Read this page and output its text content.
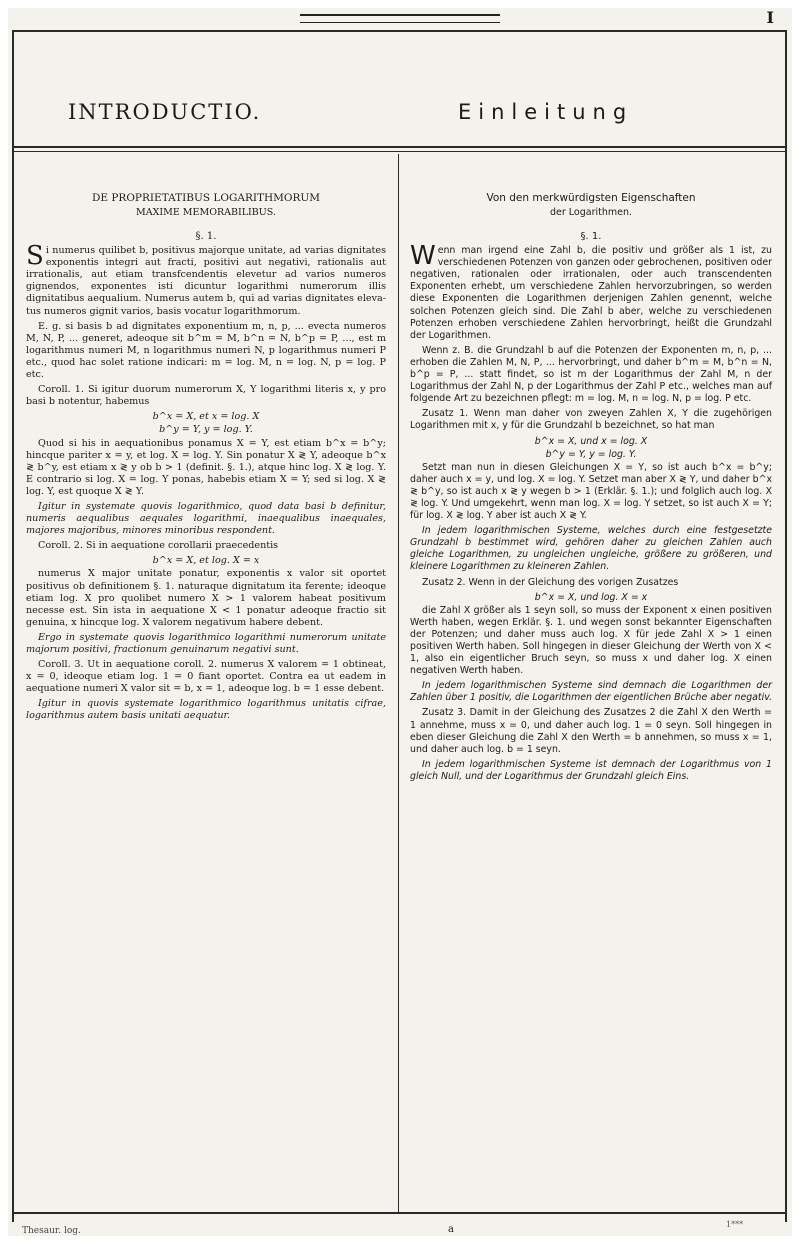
I
INTRODUCTIO.	Einleitung
DE PROPRIETATIBUS LOGARITHMORUM
MAXIME MEMORABILIBUS.
§. 1.

Si numerus quilibet b, positivus majorque unitate, ad varias dignitates exponentis integri aut fracti, positivi aut negativi, rationalis aut irrationalis, aut etiam transfcendentis elevetur ad varios numeros gignendos, exponentes isti dicuntur logarithmi numerorum illis dignitatibus aequalium. Numerus autem b, qui ad varias dignitates elevatus numeros gignit varios, basis vocatur logarithmorum.

E. g. si basis b ad dignitates exponentium m, n, p, ... evecta numeros M, N, P, ... generet, adeoque sit b^m = M, b^n = N, b^p = P, ..., est m logarithmus numeri M, n logarithmus numeri N, p logarithmus numeri P etc., quod hac solet ratione indicari: m = log. M, n = log. N, p = log. P etc.

Coroll. 1. Si igitur duorum numerorum X, Y logarithmi literis x, y pro basi b notentur, habemus

b^x = X, et x = log. X

b^y = Y, y = log. Y.

Quod si his in aequationibus ponamus X = Y, est etiam b^x = b^y; hincque pariter x = y, et log. X = log. Y. Sin ponatur X ≷ Y, adeoque b^x ≷ b^y, est etiam x ≷ y ob b > 1 (definit. §. 1.), atque hinc log. X ≷ log. Y. E contrario si log. X = log. Y ponas, habebis etiam X = Y; sed si log. X ≷ log. Y, est quoque X ≷ Y.

Igitur in systemate quovis logarithmico, quod data basi b definitur, numeris aequalibus aequales logarithmi, inaequalibus inaequales, majores majoribus, minores minoribus respondent.

Coroll. 2. Si in aequatione corollarii praecedentis

b^x = X, et log. X = x

numerus X major unitate ponatur, exponentis x valor sit oportet positivus ob definitionem §. 1. naturaque dignitatum ita ferente; ideoque etiam log. X pro quolibet numero X > 1 valorem habeat positivum necesse est. Sin ista in aequatione X < 1 ponatur adeoque fractio sit genuina, x hincque log. X valorem negativum habere debent.

Ergo in systemate quovis logarithmico logarithmi numerorum unitate majorum positivi, fractionum genuinarum negativi sunt.

Coroll. 3. Ut in aequatione coroll. 2. numerus X valorem = 1 obtineat, x = 0, ideoque etiam log. 1 = 0 fiant oportet. Contra ea ut eadem in aequatione numeri X valor sit = b, x = 1, adeoque log. b = 1 esse debent.

Igitur in quovis systemate logarithmico logarithmus unitatis cifrae, logarithmus autem basis unitati aequatur.

Von den merkwürdigsten Eigenschaften
der Logarithmen.
§. 1.

Wenn man irgend eine Zahl b, die positiv und größer als 1 ist, zu verschiedenen Potenzen von ganzen oder gebrochenen, positiven oder negativen, rationalen oder irrationalen, oder auch transcendenten Exponenten erhebt, um verschiedene Zahlen hervorzubringen, so werden diese Exponenten die Logarithmen derjenigen Zahlen genennt, welche solchen Potenzen gleich sind. Die Zahl b aber, welche zu verschiedenen Potenzen erhoben verschiedene Zahlen hervorbringt, heißt die Grundzahl der Logarithmen.

Wenn z. B. die Grundzahl b auf die Potenzen der Exponenten m, n, p, ... erhoben die Zahlen M, N, P, ... hervorbringt, und daher b^m = M, b^n = N, b^p = P, ... statt findet, so ist m der Logarithmus der Zahl M, n der Logarithmus der Zahl N, p der Logarithmus der Zahl P etc., welches man auf folgende Art zu bezeichnen pflegt: m = log. M, n = log. N, p = log. P etc.

Zusatz 1. Wenn man daher von zweyen Zahlen X, Y die zugehörigen Logarithmen mit x, y für die Grundzahl b bezeichnet, so hat man

b^x = X, und x = log. X

b^y = Y, y = log. Y.

Setzt man nun in diesen Gleichungen X = Y, so ist auch b^x = b^y; daher auch x = y, und log. X = log. Y. Setzet man aber X ≷ Y, und daher b^x ≷ b^y, so ist auch x ≷ y wegen b > 1 (Erklär. §. 1.); und folglich auch log. X ≷ log. Y. Und umgekehrt, wenn man log. X = log. Y setzet, so ist auch X = Y; für log. X ≷ log. Y aber ist auch X ≷ Y.

In jedem logarithmischen Systeme, welches durch eine festgesetzte Grundzahl b bestimmet wird, gehören daher zu gleichen Zahlen auch gleiche Logarithmen, zu ungleichen ungleiche, größere zu größeren, und kleinere Logarithmen zu kleineren Zahlen.

Zusatz 2. Wenn in der Gleichung des vorigen Zusatzes

b^x = X, und log. X = x

die Zahl X größer als 1 seyn soll, so muss der Exponent x einen positiven Werth haben, wegen Erklär. §. 1. und wegen sonst bekannter Eigenschaften der Potenzen; und daher muss auch log. X für jede Zahl X > 1 einen positiven Werth haben. Soll hingegen in dieser Gleichung der Werth von X < 1, also ein eigentlicher Bruch seyn, so muss x und daher log. X einen negativen Werth haben.

In jedem logarithmischen Systeme sind demnach die Logarithmen der Zahlen über 1 positiv, die Logarithmen der eigentlichen Brüche aber negativ.

Zusatz 3. Damit in der Gleichung des Zusatzes 2 die Zahl X den Werth = 1 annehme, muss x = 0, und daher auch log. 1 = 0 seyn. Soll hingegen in eben dieser Gleichung die Zahl X den Werth = b annehmen, so muss x = 1, und daher auch log. b = 1 seyn.

In jedem logarithmischen Systeme ist demnach der Logarithmus von 1 gleich Null, und der Logarithmus der Grundzahl gleich Eins.

Thesaur. log.	a	1***
